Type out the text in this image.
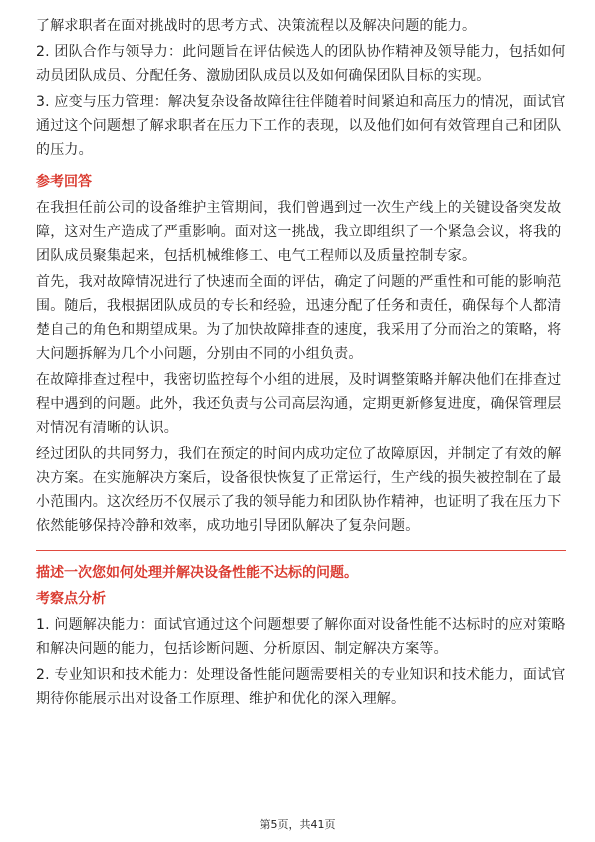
了解求职者在面对挑战时的思考方式、决策流程以及解决问题的能力。

2. 团队合作与领导力：此问题旨在评估候选人的团队协作精神及领导能力，包括如何动员团队成员、分配任务、激励团队成员以及如何确保团队目标的实现。

3. 应变与压力管理：解决复杂设备故障往往伴随着时间紧迫和高压力的情况，面试官通过这个问题想了解求职者在压力下工作的表现，以及他们如何有效管理自己和团队的压力。

参考回答

在我担任前公司的设备维护主管期间，我们曾遇到过一次生产线上的关键设备突发故障，这对生产造成了严重影响。面对这一挑战，我立即组织了一个紧急会议，将我的团队成员聚集起来，包括机械维修工、电气工程师以及质量控制专家。

首先，我对故障情况进行了快速而全面的评估，确定了问题的严重性和可能的影响范围。随后，我根据团队成员的专长和经验，迅速分配了任务和责任，确保每个人都清楚自己的角色和期望成果。为了加快故障排查的速度，我采用了分而治之的策略，将大问题拆解为几个小问题，分别由不同的小组负责。

在故障排查过程中，我密切监控每个小组的进展，及时调整策略并解决他们在排查过程中遇到的问题。此外，我还负责与公司高层沟通，定期更新修复进度，确保管理层对情况有清晰的认识。

经过团队的共同努力，我们在预定的时间内成功定位了故障原因，并制定了有效的解决方案。在实施解决方案后，设备很快恢复了正常运行，生产线的损失被控制在了最小范围内。这次经历不仅展示了我的领导能力和团队协作精神，也证明了我在压力下依然能够保持冷静和效率，成功地引导团队解决了复杂问题。

描述一次您如何处理并解决设备性能不达标的问题。
考察点分析

1. 问题解决能力：面试官通过这个问题想要了解你面对设备性能不达标时的应对策略和解决问题的能力，包括诊断问题、分析原因、制定解决方案等。

2. 专业知识和技术能力：处理设备性能问题需要相关的专业知识和技术能力，面试官期待你能展示出对设备工作原理、维护和优化的深入理解。

第5页，共41页
